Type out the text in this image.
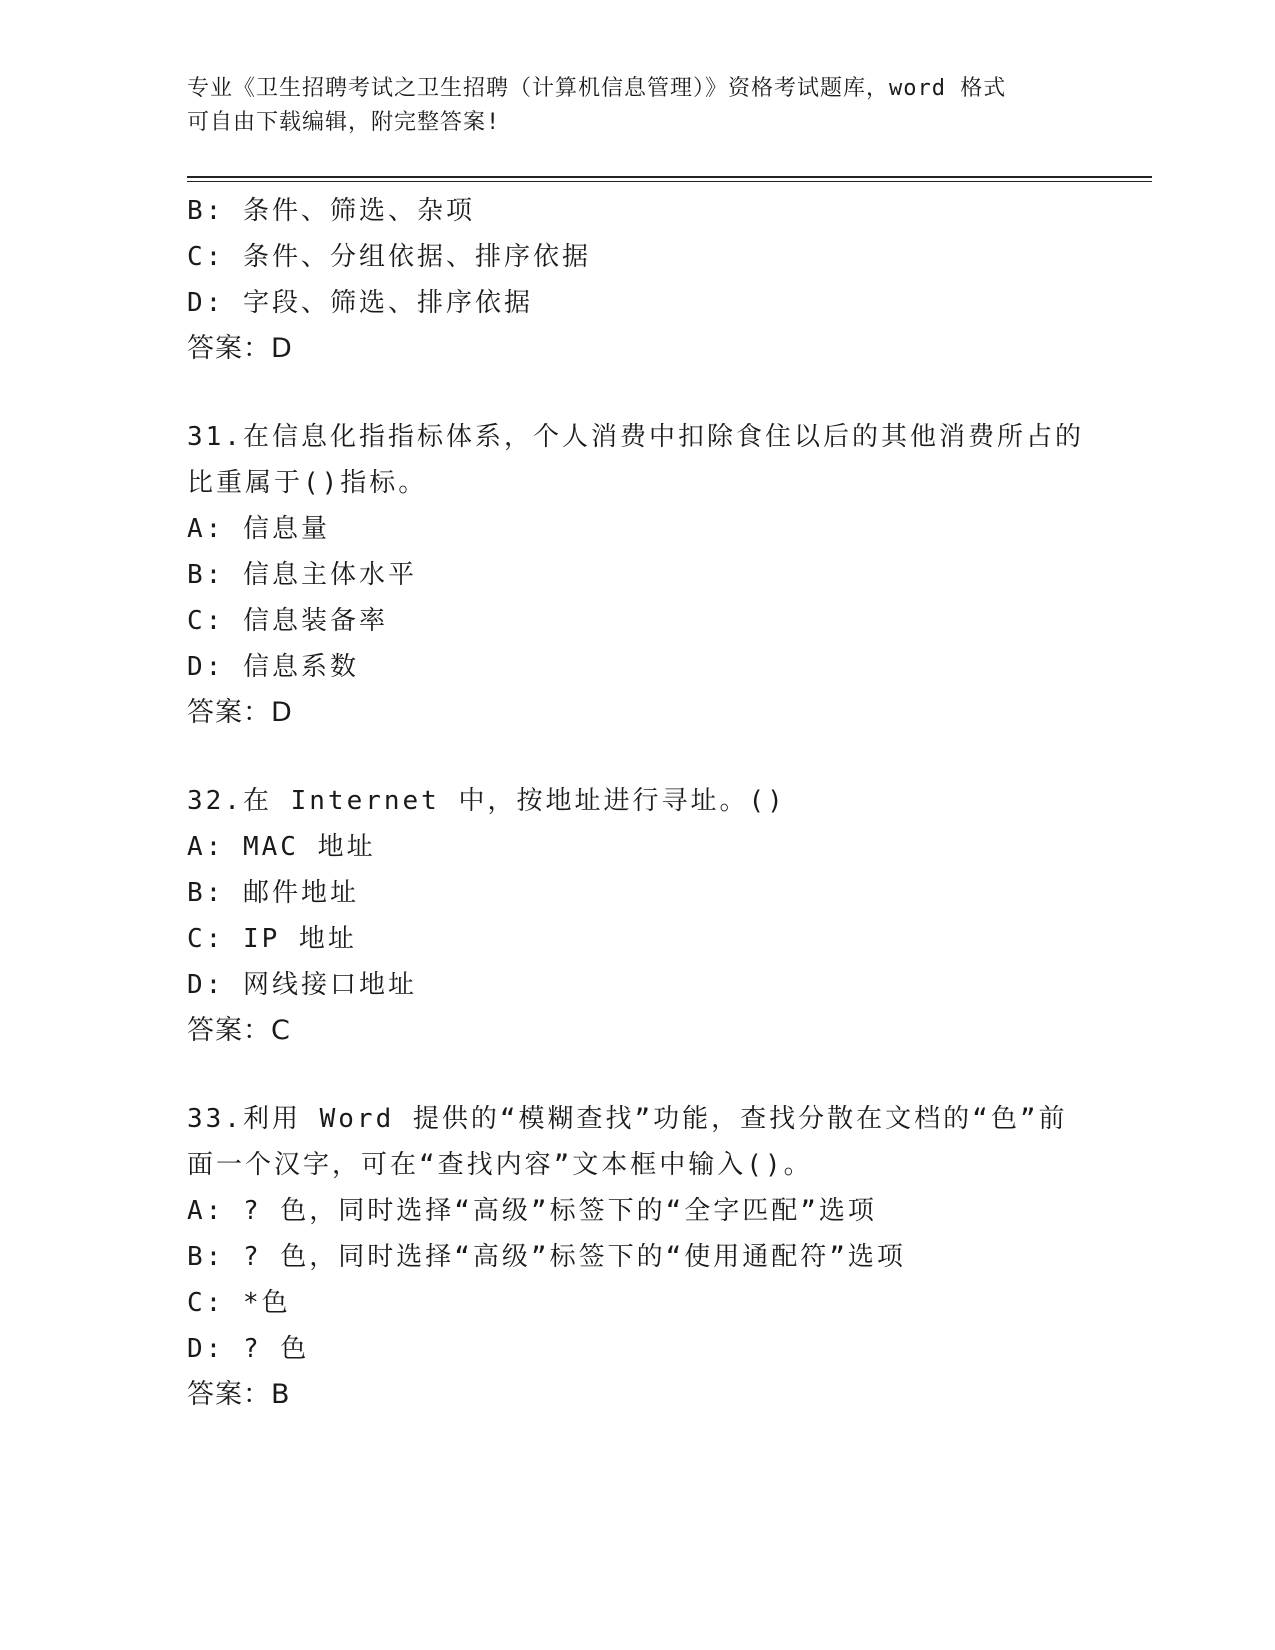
专业《卫生招聘考试之卫生招聘（计算机信息管理）》资格考试题库，word 格式
可自由下载编辑，附完整答案!
B: 条件、筛选、杂项
C: 条件、分组依据、排序依据
D: 字段、筛选、排序依据
答案：D
31.在信息化指指标体系，个人消费中扣除食住以后的其他消费所占的
比重属于()指标。
A: 信息量
B: 信息主体水平
C: 信息装备率
D: 信息系数
答案：D
32.在 Internet 中，按地址进行寻址。()
A: MAC 地址
B: 邮件地址
C: IP 地址
D: 网线接口地址
答案：C
33.利用 Word 提供的“模糊查找”功能，查找分散在文档的“色”前
面一个汉字，可在“查找内容”文本框中输入()。
A: ? 色，同时选择“高级”标签下的“全字匹配”选项
B: ? 色，同时选择“高级”标签下的“使用通配符”选项
C: *色
D: ? 色
答案：B
